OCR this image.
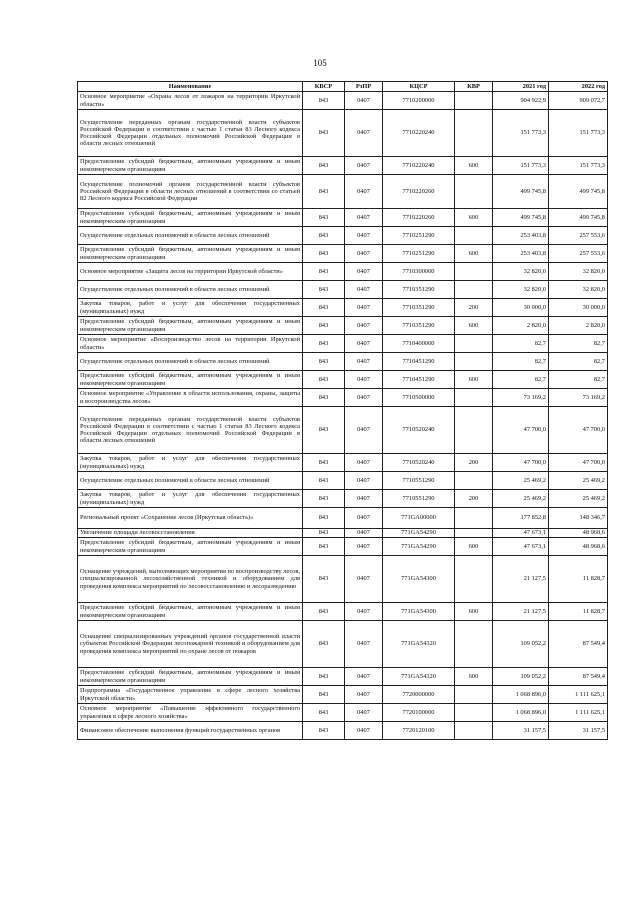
105
Наименование	КВСР	РзПР	КЦСР	КВР	2021 год	2022 год
Основное мероприятие «Охрана лесов от пожаров на территории Иркутской области»	843	0407	7710200000		904 922,9	909 072,7
Осуществление переданных органам государственной власти субъектов Российской Федерации в соответствии с частью 1 статьи 83 Лесного кодекса Российской Федерации отдельных полномочий Российской Федерации в области лесных отношений	843	0407	7710220240		151 773,3	151 773,3
Предоставление субсидий бюджетным, автономным учреждениям и иным некоммерческим организациям	843	0407	7710220240	600	151 773,3	151 773,3
Осуществление полномочий органов государственной власти субъектов Российской Федерации в области лесных отношений в соответствии со статьей 82 Лесного кодекса Российской Федерации	843	0407	7710220260		499 745,8	499 745,8
Предоставление субсидий бюджетным, автономным учреждениям и иным некоммерческим организациям	843	0407	7710220260	600	499 745,8	499 745,8
Осуществление отдельных полномочий в области лесных отношений	843	0407	7710251290		253 403,8	257 553,6
Предоставление субсидий бюджетным, автономным учреждениям и иным некоммерческим организациям	843	0407	7710251290	600	253 403,8	257 553,6
Основное мероприятие «Защита лесов на территории Иркутской области»	843	0407	7710300000		32 820,0	32 820,0
Осуществление отдельных полномочий в области лесных отношений	843	0407	7710351290		32 820,0	32 820,0
Закупка товаров, работ и услуг для обеспечения государственных (муниципальных) нужд	843	0407	7710351290	200	30 000,0	30 000,0
Предоставление субсидий бюджетным, автономным учреждениям и иным некоммерческим организациям	843	0407	7710351290	600	2 820,0	2 820,0
Основное мероприятие «Воспроизводство лесов на территории Иркутской области»	843	0407	7710400000		82,7	82,7
Осуществление отдельных полномочий в области лесных отношений	843	0407	7710451290		82,7	82,7
Предоставление субсидий бюджетным, автономным учреждениям и иным некоммерческим организациям	843	0407	7710451290	600	82,7	82,7
Основное мероприятие «Управление в области использования, охраны, защиты и воспроизводства лесов»	843	0407	7710500000		73 169,2	73 169,2
Осуществление переданных органам государственной власти субъектов Российской Федерации в соответствии с частью 1 статьи 83 Лесного кодекса Российской Федерации отдельных полномочий Российской Федерации в области лесных отношений	843	0407	7710520240		47 700,0	47 700,0
Закупка товаров, работ и услуг для обеспечения государственных (муниципальных) нужд	843	0407	7710520240	200	47 700,0	47 700,0
Осуществление отдельных полномочий в области лесных отношений	843	0407	7710551290		25 469,2	25 469,2
Закупка товаров, работ и услуг для обеспечения государственных (муниципальных) нужд	843	0407	7710551290	200	25 469,2	25 469,2
Региональный проект «Сохранение лесов (Иркутская область)»	843	0407	771GA00000		177 852,8	148 346,7
Увеличение площади лесовосстановления	843	0407	771GA54290		47 673,1	48 968,6
Предоставление субсидий бюджетным, автономным учреждениям и иным некоммерческим организациям	843	0407	771GA54290	600	47 673,1	48 968,6
Оснащение учреждений, выполняющих мероприятия по воспроизводству лесов, специализированной лесохозяйственной техникой и оборудованием для проведения комплекса мероприятий по лесовосстановлению и лесоразведению	843	0407	771GA54300		21 127,5	11 828,7
Предоставление субсидий бюджетным, автономным учреждениям и иным некоммерческим организациям	843	0407	771GA54300	600	21 127,5	11 828,7
Оснащение специализированных учреждений органов государственной власти субъектов Российской Федерации лесопожарной техникой и оборудованием для проведения комплекса мероприятий по охране лесов от пожаров	843	0407	771GA54320		109 052,2	87 549,4
Предоставление субсидий бюджетным, автономным учреждениям и иным некоммерческим организациям	843	0407	771GA54320	600	109 052,2	87 549,4
Подпрограмма «Государственное управление в сфере лесного хозяйства Иркутской области»	843	0407	7720000000		1 068 896,0	1 111 625,1
Основное мероприятие «Повышение эффективного государственного управления в сфере лесного хозяйства»	843	0407	7720100000		1 068 896,0	1 111 625,1
Финансовое обеспечение выполнения функций государственных органов	843	0407	7720120100		31 157,5	31 157,5
